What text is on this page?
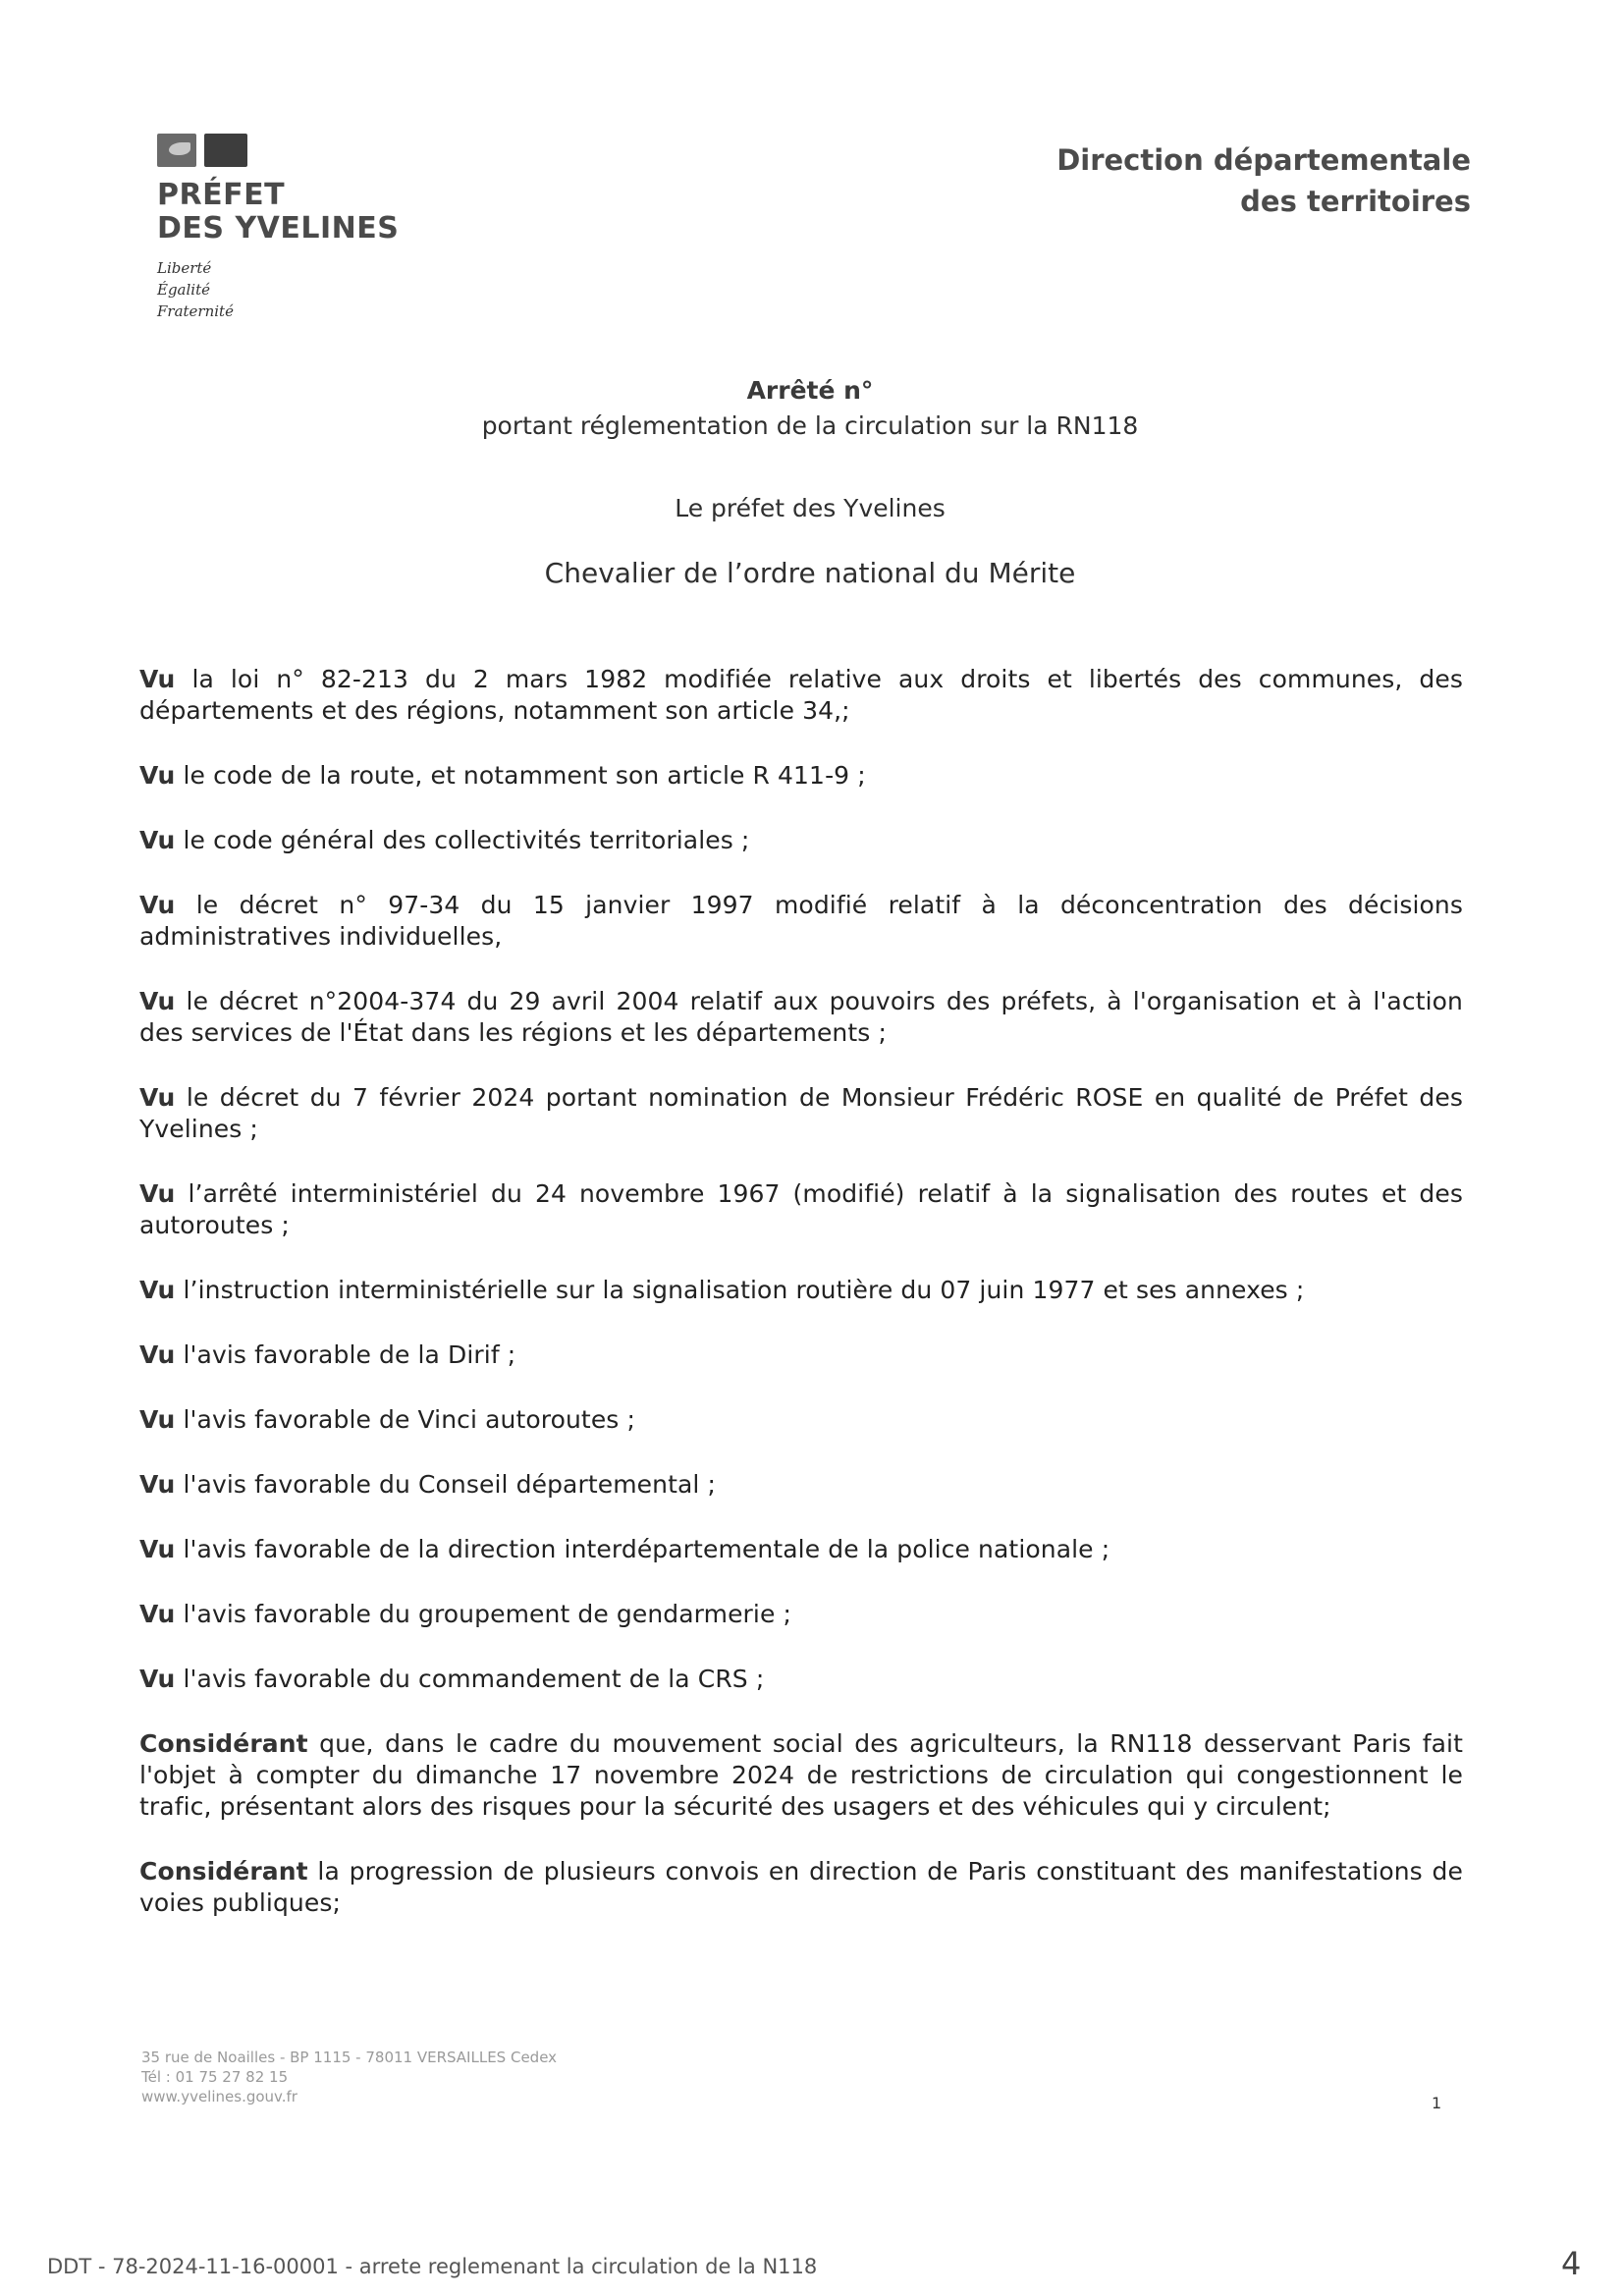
PRÉFET
DES YVELINES
Liberté
Égalité
Fraternité
Direction départementale
des territoires
Arrêté n°
portant réglementation de la circulation sur la RN118
Le préfet des Yvelines
Chevalier de l’ordre national du Mérite
Vu la loi n° 82-213 du 2 mars 1982 modifiée relative aux droits et libertés des communes, des départements et des régions, notamment son article 34,;
Vu le code de la route, et notamment son article R 411-9 ;
Vu le code général des collectivités territoriales ;
Vu le décret n° 97-34 du 15 janvier 1997 modifié relatif à la déconcentration des décisions administratives individuelles,
Vu le décret n°2004-374 du 29 avril 2004 relatif aux pouvoirs des préfets, à l'organisation et à l'action des services de l'État dans les régions et les départements ;
Vu le décret du 7 février 2024 portant nomination de Monsieur Frédéric ROSE en qualité de Préfet des Yvelines ;
Vu l’arrêté interministériel du 24 novembre 1967 (modifié) relatif à la signalisation des routes et des autoroutes ;
Vu l’instruction interministérielle sur la signalisation routière du 07 juin 1977 et ses annexes ;
Vu l'avis favorable de la Dirif ;
Vu l'avis favorable de Vinci autoroutes ;
Vu l'avis favorable du Conseil départemental ;
Vu l'avis favorable de la direction interdépartementale de la police nationale ;
Vu l'avis favorable du groupement de gendarmerie ;
Vu l'avis favorable du commandement de la CRS ;
Considérant que, dans le cadre du mouvement social des agriculteurs, la RN118 desservant Paris fait l'objet à compter du dimanche 17 novembre 2024 de restrictions de circulation qui congestionnent le trafic, présentant alors des risques pour la sécurité des usagers et des véhicules qui y circulent;
Considérant la progression de plusieurs convois en direction de Paris constituant des manifestations de voies publiques;
35 rue de Noailles - BP 1115 - 78011 VERSAILLES Cedex
Tél : 01 75 27 82 15
www.yvelines.gouv.fr	1
DDT - 78-2024-11-16-00001 - arrete reglemenant la circulation de la N118	4
